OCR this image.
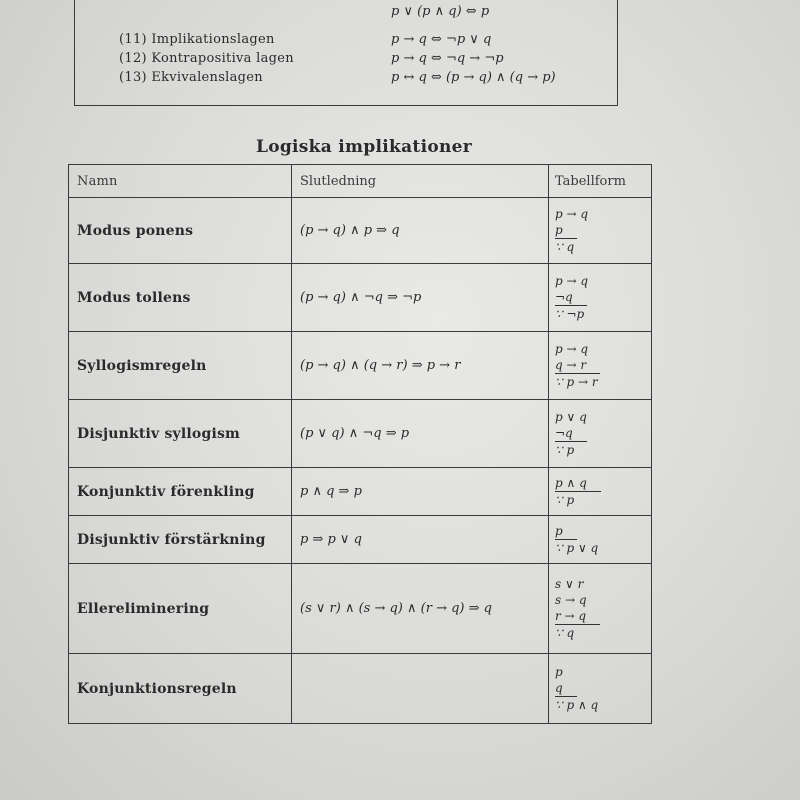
p ∨ (p ∧ q) ⇔ p
(11) Implikationslagen	p → q ⇔ ¬p ∨ q
(12) Kontrapositiva lagen	p → q ⇔ ¬q → ¬p
(13) Ekvivalenslagen	p ↔ q ⇔ (p → q) ∧ (q → p)
Logiska implikationer
Namn	Slutledning	Tabellform
Modus ponens	(p → q) ∧ p ⇒ q	p → q
p
∵ q

Modus tollens	(p → q) ∧ ¬q ⇒ ¬p	p → q
¬q
∵ ¬p

Syllogismregeln	(p → q) ∧ (q → r) ⇒ p → r	p → q
q → r
∵ p → r

Disjunktiv syllogism	(p ∨ q) ∧ ¬q ⇒ p	p ∨ q
¬q
∵ p

Konjunktiv förenkling	p ∧ q ⇒ p	p ∧ q
∵ p

Disjunktiv förstärkning	p ⇒ p ∨ q	p
∵ p ∨ q

Ellereliminering	(s ∨ r) ∧ (s → q) ∧ (r → q) ⇒ q	s ∨ r
s → q
r → q
∵ q

Konjunktionsregeln		p
q
∵ p ∧ q
